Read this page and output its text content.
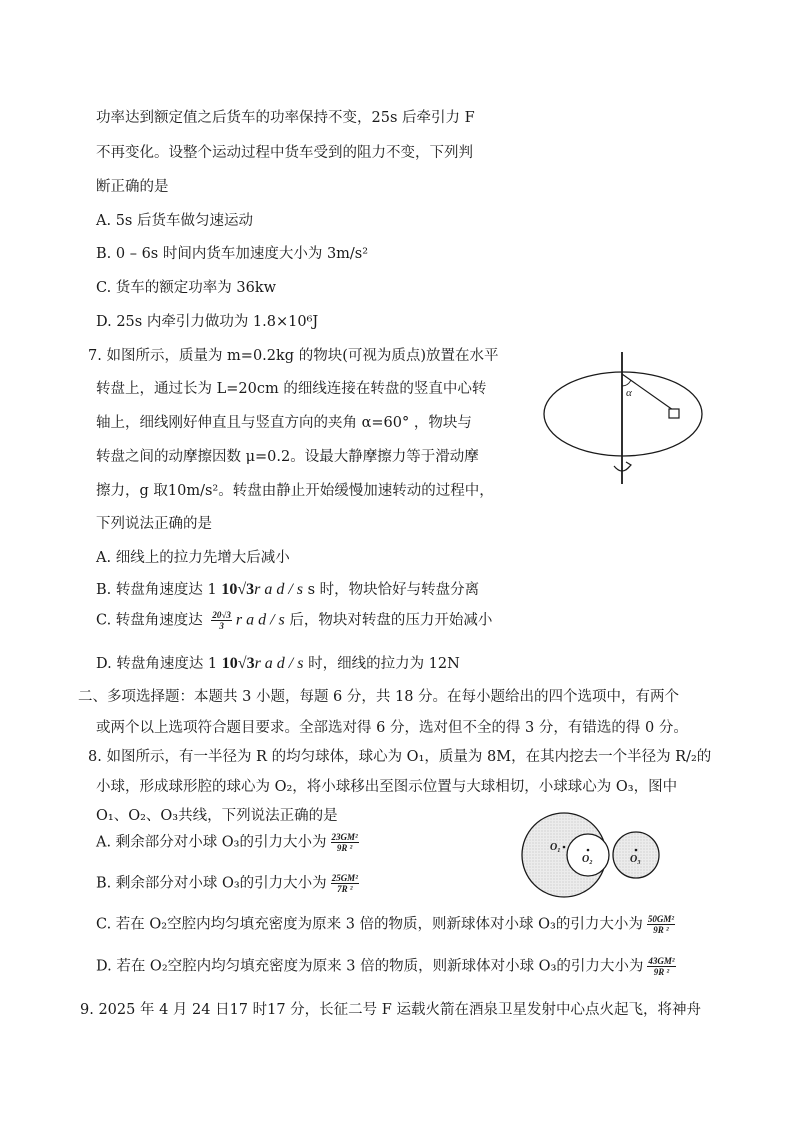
功率达到额定值之后货车的功率保持不变，25s 后牵引力 F
不再变化。设整个运动过程中货车受到的阻力不变，下列判
断正确的是
A. 5s 后货车做匀速运动
B. 0 – 6s 时间内货车加速度大小为 3m/s²
C. 货车的额定功率为 36kw
D. 25s 内牵引力做功为 1.8×10⁶J
7. 如图所示，质量为 m=0.2kg 的物块(可视为质点)放置在水平
转盘上，通过长为 L=20cm 的细线连接在转盘的竖直中心转
轴上，细线刚好伸直且与竖直方向的夹角 α=60° ，物块与
转盘之间的动摩擦因数 μ=0.2。设最大静摩擦力等于滑动摩
擦力，g 取10m/s²。转盘由静止开始缓慢加速转动的过程中，
下列说法正确的是
A. 细线上的拉力先增大后减小
B. 转盘角速度达 1 10√3r a d / s s 时，物块恰好与转盘分离
C. 转盘角速度达 $\frac{20√3}{3}$ r a d / s 后，物块对转盘的压力开始减小
D. 转盘角速度达 1 10√3r a d / s 时，细线的拉力为 12N
α
二、多项选择题：本题共 3 小题，每题 6 分，共 18 分。在每小题给出的四个选项中，有两个
或两个以上选项符合题目要求。全部选对得 6 分，选对但不全的得 3 分，有错选的得 0 分。
8. 如图所示，有一半径为 R 的均匀球体，球心为 O₁，质量为 8M，在其内挖去一个半径为 R/₂的
小球，形成球形腔的球心为 O₂，将小球移出至图示位置与大球相切，小球球心为 O₃，图中
O₁、O₂、O₃共线，下列说法正确的是
A. 剩余部分对小球 O₃的引力大小为 $\frac{\text{23GM²}}{\text{9R ²}}$
B. 剩余部分对小球 O₃的引力大小为 $\frac{\text{25GM²}}{\text{7R ²}}$
C. 若在 O₂空腔内均匀填充密度为原来 3 倍的物质，则新球体对小球 O₃的引力大小为 $\frac{\text{50GM²}}{\text{9R ²}}$
D. 若在 O₂空腔内均匀填充密度为原来 3 倍的物质，则新球体对小球 O₃的引力大小为 $\frac{\text{43GM²}}{\text{9R ²}}$
O₁
O₂	O₃
9. 2025 年 4 月 24 日17 时17 分，长征二号 F 运载火箭在酒泉卫星发射中心点火起飞，将神舟
